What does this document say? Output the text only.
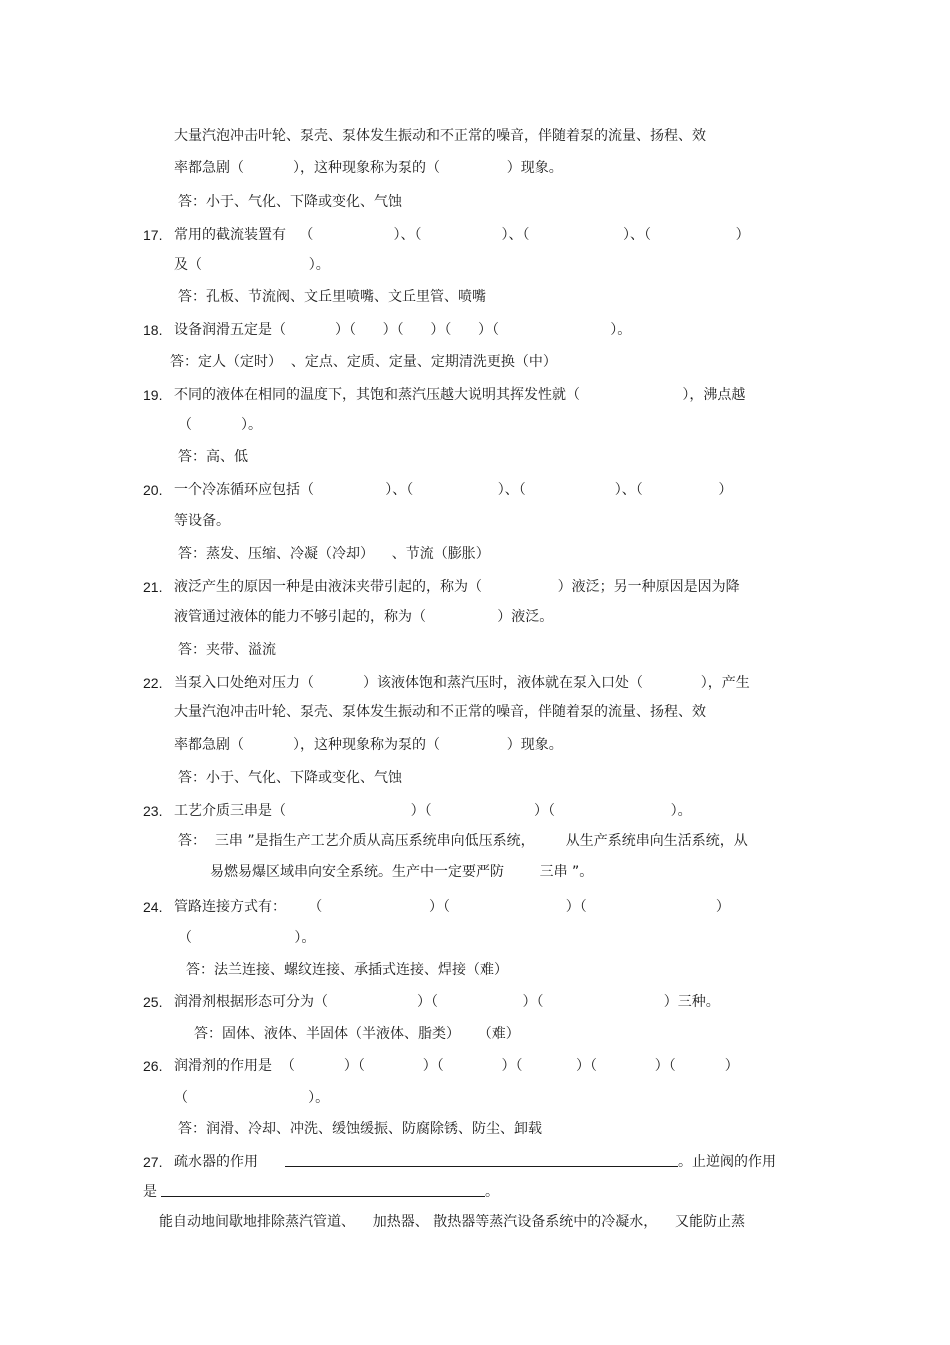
大量汽泡冲击叶轮、泵壳、泵体发生振动和不正常的噪音，伴随着泵的流量、扬程、效
率都急剧（           ），这种现象称为泵的（               ）现象。
答：小于、气化、下降或变化、气蚀
17. 常用的截流装置有   （                  ）、（                  ）、（                     ）、（                   ）
及（                        ）。
答：孔板、节流阀、文丘里喷嘴、文丘里管、喷嘴
18. 设备润滑五定是（           ）（      ）（      ）（      ）（                         ）。
答：定人（定时）  、定点、定质、定量、定期清洗更换（中）
19. 不同的液体在相同的温度下，其饱和蒸汽压越大说明其挥发性就（                       ），沸点越
（           ）。
答：高、低
20. 一个冷冻循环应包括（                ）、（                   ）、（                    ）、（                 ）
等设备。
答：蒸发、压缩、冷凝（冷却）    、节流（膨胀）
21. 液泛产生的原因一种是由液沫夹带引起的，称为（                 ）液泛；另一种原因是因为降
液管通过液体的能力不够引起的，称为（                ）液泛。
答：夹带、溢流
22. 当泵入口处绝对压力（           ）该液体饱和蒸汽压时，液体就在泵入口处（             ），产生
大量汽泡冲击叶轮、泵壳、泵体发生振动和不正常的噪音，伴随着泵的流量、扬程、效
率都急剧（           ），这种现象称为泵的（               ）现象。
答：小于、气化、下降或变化、气蚀
23. 工艺介质三串是（                            ）（                       ）（                          ）。
答：  三串 ”是指生产工艺介质从高压系统串向低压系统，       从生产系统串向生活系统，从
易燃易爆区域串向安全系统。生产中一定要严防        三串 ”。
24. 管路连接方式有：     （                        ）（                          ）（                             ）
（                       ）。
答：法兰连接、螺纹连接、承插式连接、焊接（难）
25. 润滑剂根据形态可分为（                    ）（                   ）（                           ）三种。
答：固体、液体、半固体（半液体、脂类）    （难）
26. 润滑剂的作用是  （           ）（             ）（             ）（            ）（             ）（           ）
（                           ）。
答：润滑、冷却、冲洗、缓蚀缓振、防腐除锈、防尘、卸载
27. 疏水器的作用	。止逆阀的作用
是	。
能自动地间歇地排除蒸汽管道、    加热器、 散热器等蒸汽设备系统中的冷凝水，    又能防止蒸
